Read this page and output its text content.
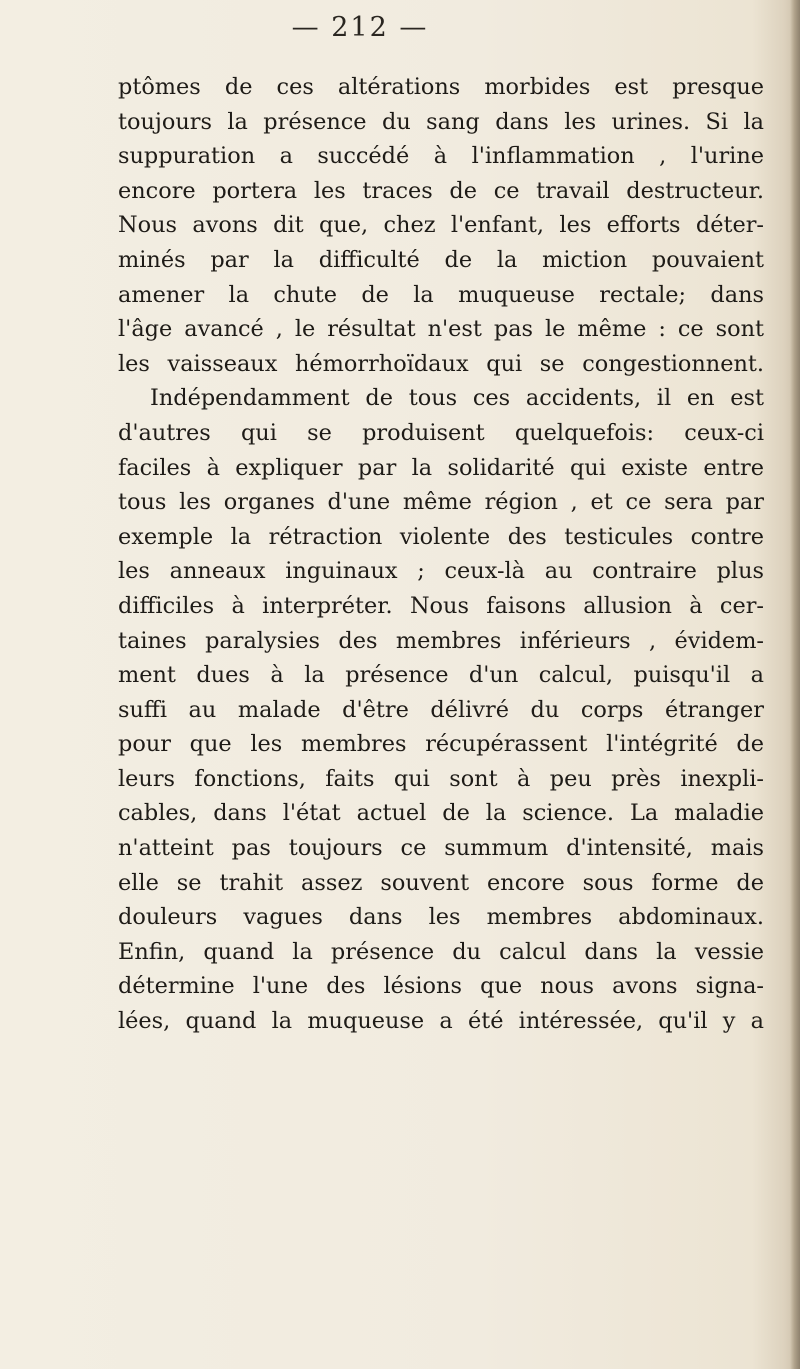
— 212 —
ptômes de ces altérations morbides est presque
toujours la présence du sang dans les urines. Si la
suppuration a succédé à l'inflammation , l'urine
encore portera les traces de ce travail destructeur.
Nous avons dit que, chez l'enfant, les efforts déter-
minés par la difficulté de la miction pouvaient
amener la chute de la muqueuse rectale; dans
l'âge avancé , le résultat n'est pas le même : ce sont
les vaisseaux hémorrhoïdaux qui se congestionnent.
Indépendamment de tous ces accidents, il en est
d'autres qui se produisent quelquefois: ceux-ci
faciles à expliquer par la solidarité qui existe entre
tous les organes d'une même région , et ce sera par
exemple la rétraction violente des testicules contre
les anneaux inguinaux ; ceux-là au contraire plus
difficiles à interpréter. Nous faisons allusion à cer-
taines paralysies des membres inférieurs , évidem-
ment dues à la présence d'un calcul, puisqu'il a
suffi au malade d'être délivré du corps étranger
pour que les membres récupérassent l'intégrité de
leurs fonctions, faits qui sont à peu près inexpli-
cables, dans l'état actuel de la science. La maladie
n'atteint pas toujours ce summum d'intensité, mais
elle se trahit assez souvent encore sous forme de
douleurs vagues dans les membres abdominaux.
Enfin, quand la présence du calcul dans la vessie
détermine l'une des lésions que nous avons signa-
lées, quand la muqueuse a été intéressée, qu'il y a
